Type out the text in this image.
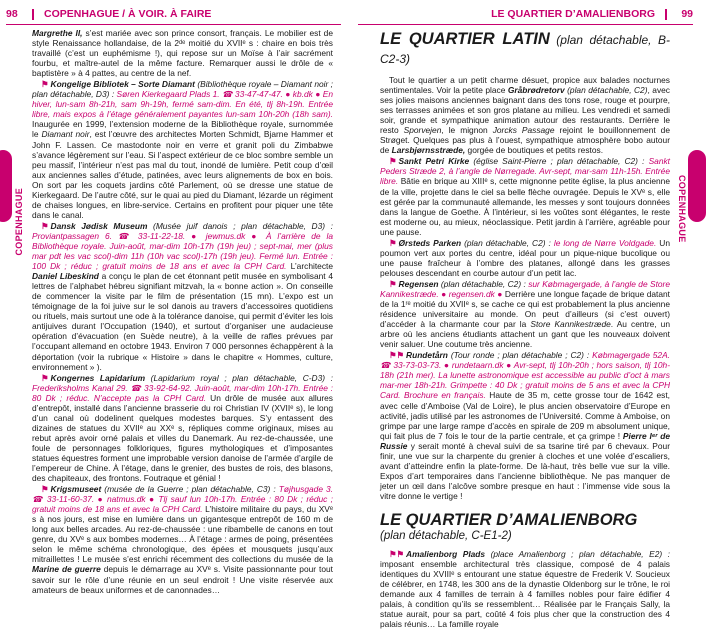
98	COPENHAGUE / À VOIR. À FAIRE	LE QUARTIER D’AMALIENBORG	99
COPENHAGUE	COPENHAGUE

Margrethe II, s’est mariée avec son prince consort, français. Le mobilier est de style Renaissance hollandaise, de la 2ᵈᵉ moitié du XVIIᵉ s : chaire en bois très travaillé (c’est un euphémisme !), qui repose sur un Moïse à l’air sacrément fourbu, et maître-autel de la même facture. Remarquer aussi le drôle de « baptistère » à 4 pattes, au centre de la nef.

⚑ Kongelige Bibliotek – Sorte Diamant (Bibliothèque royale – Diamant noir ; plan détachable, D3) : Søren Kierkegaard Plads 1. ☎ 33-47-47-47. ● kb.dk ● En hiver, lun-sam 8h-21h, sam 9h-19h, fermé sam-dim. En été, tlj 8h-19h. Entrée libre, mais expos à l’étage généralement payantes lun-sam 10h-20h (18h sam). Inaugurée en 1999, l’extension moderne de la Bibliothèque royale, surnommée le Diamant noir, est l’œuvre des architectes Morten Schmidt, Bjarne Hammer et John F. Lassen. Ce mastodonte noir en verre et granit poli du Zimbabwe s’avance légèrement sur l’eau. Si l’aspect extérieur de ce bloc sombre semble un peu massif, l’intérieur n’est pas mal du tout, inondé de lumière. Petit coup d’œil aux anciennes salles d’étude, patinées, avec leurs alignements de box en bois. On sort par les coquets jardins côté Parlement, où se dresse une statue de Kierkegaard. De l’autre côté, sur le quai au pied du Diamant, lézarde un régiment de chaises longues, en libre-service. Certains en profitent pour piquer une tête dans le canal.

⚑ Dansk Jødisk Museum (Musée juif danois ; plan détachable, D3) : Proviantpassagen 6. ☎ 33-11-22-18. ● jewmus.dk ● À l’arrière de la Bibliothèque royale. Juin-août, mar-dim 10h-17h (19h jeu) ; sept-mai, mer (plus mar pdt les vac scol)-dim 11h (10h vac scol)-17h (19h jeu). Fermé lun. Entrée : 100 Dk ; réduc ; gratuit moins de 18 ans et avec la CPH Card. L’architecte Daniel Libeskind a conçu le plan de cet étonnant petit musée en symbolisant 4 lettres de l’alphabet hébreu signifiant mitzvah, la « bonne action ». On conseille de commencer la visite par le film de présentation (15 mn). L’expo est un témoignage de la foi juive sur le sol danois au travers d’accessoires quotidiens ou rituels, mais surtout une ode à la tolérance danoise, qui permit d’éviter les lois antijuives durant l’Occupation (1940), et surtout d’organiser une audacieuse opération d’évacuation (en Suède neutre), à la veille de rafles prévues par l’occupant allemand en octobre 1943. Environ 7 000 personnes échappèrent à la déportation (voir la rubrique « Histoire » dans le chapitre « Hommes, culture, environnement » ).

⚑ Kongernes Lapidarium (Lapidarium royal ; plan détachable, C-D3) : Frederiksholms Kanal 29. ☎ 33-92-64-92. Juin-août, mar-dim 10h-17h. Entrée : 80 Dk ; réduc. N’accepte pas la CPH Card. Un drôle de musée aux allures d’entrepôt, installé dans l’ancienne brasserie du roi Christian IV (XVIIᵉ s), le long d’un canal où dodelinent quelques modestes barques. S’y entassent des dizaines de statues du XVIIᵉ au XXᵉ s, répliques comme originaux, mises au rebut après avoir orné palais et villes du Danemark. Au rez-de-chaussée, une foule de personnages folkloriques, figures mythologiques et d’imposantes statues équestres forment une improbable version danoise de l’armée d’argile de l’empereur de Chine. À l’étage, dans le grenier, des bustes de rois, des blasons, des chapiteaux, des frontons. Foutraque et génial !

⚑ Krigsmuseet (musée de la Guerre ; plan détachable, C3) : Tøjhusgade 3. ☎ 33-11-60-37. ● natmus.dk ● Tlj sauf lun 10h-17h. Entrée : 80 Dk ; réduc ; gratuit moins de 18 ans et avec la CPH Card. L’histoire militaire du pays, du XVᵉ s à nos jours, est mise en lumière dans un gigantesque entrepôt de 160 m de long aux belles arcades. Au rez-de-chaussée : une ribambelle de canons en tout genre, du XVᵉ s aux bombes modernes… À l’étage : armes de poing, présentées selon le même schéma chronologique, des épées et mousquets jusqu’aux mitraillettes ! Le musée s’est enrichi récemment des collections du musée de la Marine de guerre depuis le démarrage au XVᵉ s. Visite passionnante pour tout savoir sur le rôle d’une réunie en un seul endroit ! Une visite réservée aux amateurs de beaux uniformes et de canonnades…

LE QUARTIER LATIN (plan détachable, B-C2-3)

Tout le quartier a un petit charme désuet, propice aux balades nocturnes sentimentales. Voir la petite place Gråbrødretorv (plan détachable, C2), avec ses jolies maisons anciennes baignant dans des tons rose, rouge et pourpre, ses terrasses animées et son gros platane au milieu. Les vendredi et samedi soir, grande et sympathique animation autour des restaurants. Derrière le resto Sporvejen, le mignon Jorcks Passage rejoint le bouillonnement de Strøget. Quelques pas plus à l’ouest, sympathique atmosphère bobo autour de Larsbjørnsstræde, gorgée de boutiques et petits restos.

⚑ Sankt Petri Kirke (église Saint-Pierre ; plan détachable, C2) : Sankt Peders Stræde 2, à l’angle de Nørregade. Avr-sept, mar-sam 11h-15h. Entrée libre. Bâtie en brique au XIIIᵉ s, cette mignonne petite église, la plus ancienne de la ville, projette dans le ciel sa belle flèche ouvragée. Depuis le XVᵉ s, elle est gérée par la communauté allemande, les messes y sont toujours données dans la langue de Goethe. À l’intérieur, si les voûtes sont élégantes, le reste est moderne ou, au mieux, néoclassique. Petit jardin à l’arrière, agréable pour une pause.

⚑ Ørsteds Parken (plan détachable, C2) : le long de Nørre Voldgade. Un poumon vert aux portes du centre, idéal pour un pique-nique bucolique ou une pause fraîcheur à l’ombre des platanes, allongé dans les grasses pelouses descendant en courbe autour d’un petit lac.

⚑ Regensen (plan détachable, C2) : sur Købmagergade, à l’angle de Store Kannikestræde. ● regensen.dk ● Derrière une longue façade de brique datant de la 1ʳᵉ moitié du XVIIᵉ s, se cache ce qui est probablement la plus ancienne résidence universitaire au monde. On peut d’ailleurs (si c’est ouvert) d’accéder à la charmante cour par la Store Kannikestræde. Au centre, un arbre où les anciens étudiants attachent un gant que les nouveaux doivent venir saluer. Une coutume très ancienne.

⚑⚑ Rundetårn (Tour ronde ; plan détachable ; C2) : Købmagergade 52A. ☎ 33-73-03-73. ● rundetaarn.dk ● Avr-sept, tlj 10h-20h ; hors saison, tlj 10h-18h (21h mer). La lunette astronomique est accessible au public d’oct à mars mar-mer 18h-21h. Grimpette : 40 Dk ; gratuit moins de 5 ans et avec la CPH Card. Brochure en français. Haute de 35 m, cette grosse tour de 1642 est, avec celle d’Amboise (Val de Loire), le plus ancien observatoire d’Europe en activité, jadis utilisé par les astronomes de l’Université. Comme à Amboise, on grimpe par une large rampe d’accès en spirale de 209 m absolument unique, qui fait plus de 7 fois le tour de la partie centrale, et ça grimpe ! Pierre Iᵉʳ de Russie y serait monté à cheval suivi de sa tsarine tiré par 6 chevaux. Pour finir, une vue sur la charpente du grenier à cloches et une volée d’escaliers, avant d’atteindre enfin la plate-forme. De là-haut, très belle vue sur la ville. Expos d’art temporaires dans l’ancienne bibliothèque. Ne pas manquer de jeter un œil dans l’alcôve sombre presque en haut : l’immense vide sous la vitre donne le vertige !

LE QUARTIER D’AMALIENBORG
(plan détachable, C-E1-2)

⚑⚑ Amalienborg Plads (place Amalienborg ; plan détachable, E2) : imposant ensemble architectural très classique, composé de 4 palais identiques du XVIIIᵉ s entourant une statue équestre de Frederik V. Soucieux de célébrer, en 1748, les 300 ans de la dynastie Oldenborg sur le trône, le roi demande aux 4 familles de terrain à 4 familles nobles pour faire édifier 4 palais, à condition qu’ils se ressemblent… Réalisée par le Français Sally, la statue aurait, pour sa part, coûté 4 fois plus cher que la construction des 4 palais réunis… La famille royale
